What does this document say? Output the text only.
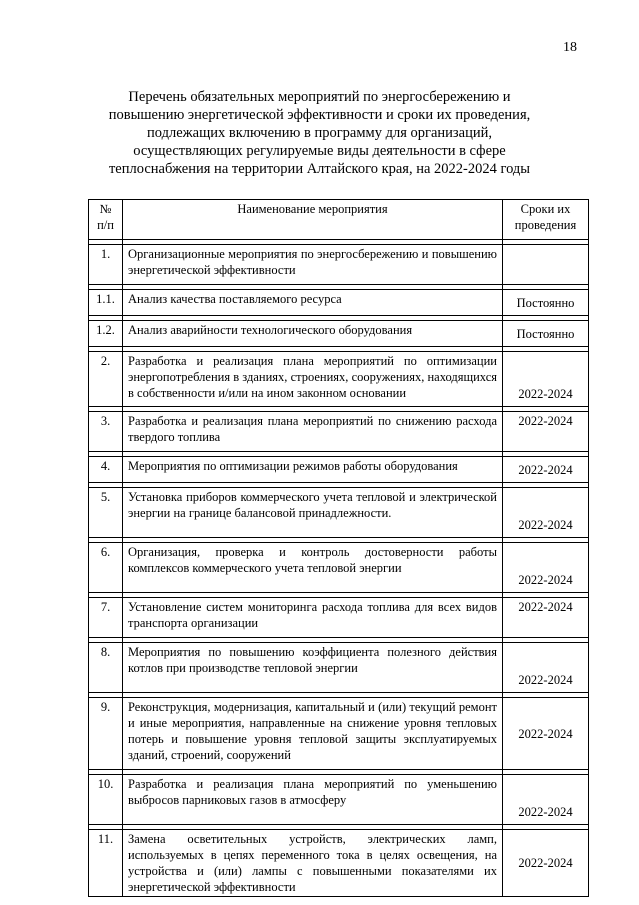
18
Перечень обязательных мероприятий по энергосбережению и
повышению энергетической эффективности и сроки их проведения,
подлежащих включению в программу для организаций,
осуществляющих регулируемые виды деятельности в сфере
теплоснабжения на территории Алтайского края, на 2022-2024 годы
№ п/п	Наименование мероприятия	Сроки их проведения

1.	Организационные мероприятия по энергосбережению и повышению энергетической эффективности	

1.1.	Анализ качества поставляемого ресурса	Постоянно

1.2.	Анализ аварийности технологического оборудования	Постоянно

2.	Разработка и реализация плана мероприятий по оптимизации энергопотребления в зданиях, строениях, сооружениях, находящихся в собственности и/или на ином законном основании	2022-2024

3.	Разработка и реализация плана мероприятий по снижению расхода твердого топлива	2022-2024

4.	Мероприятия по оптимизации режимов работы оборудования	2022-2024

5.	Установка приборов коммерческого учета тепловой и электрической энергии на границе балансовой принадлежности.	2022-2024

6.	Организация, проверка и контроль достоверности работы комплексов коммерческого учета тепловой энергии	2022-2024

7.	Установление систем мониторинга расхода топлива для всех видов транспорта организации	2022-2024

8.	Мероприятия по повышению коэффициента полезного действия котлов при производстве тепловой энергии	2022-2024

9.	Реконструкция, модернизация, капитальный и (или) текущий ремонт и иные мероприятия, направленные на снижение уровня тепловых потерь и повышение уровня тепловой защиты эксплуатируемых зданий, строений, сооружений	2022-2024

10.	Разработка и реализация плана мероприятий по уменьшению выбросов парниковых газов в атмосферу	2022-2024

11.	Замена осветительных устройств, электрических ламп, используемых в цепях переменного тока в целях освещения, на устройства и (или) лампы с повышенными показателями их энергетической эффективности	2022-2024
